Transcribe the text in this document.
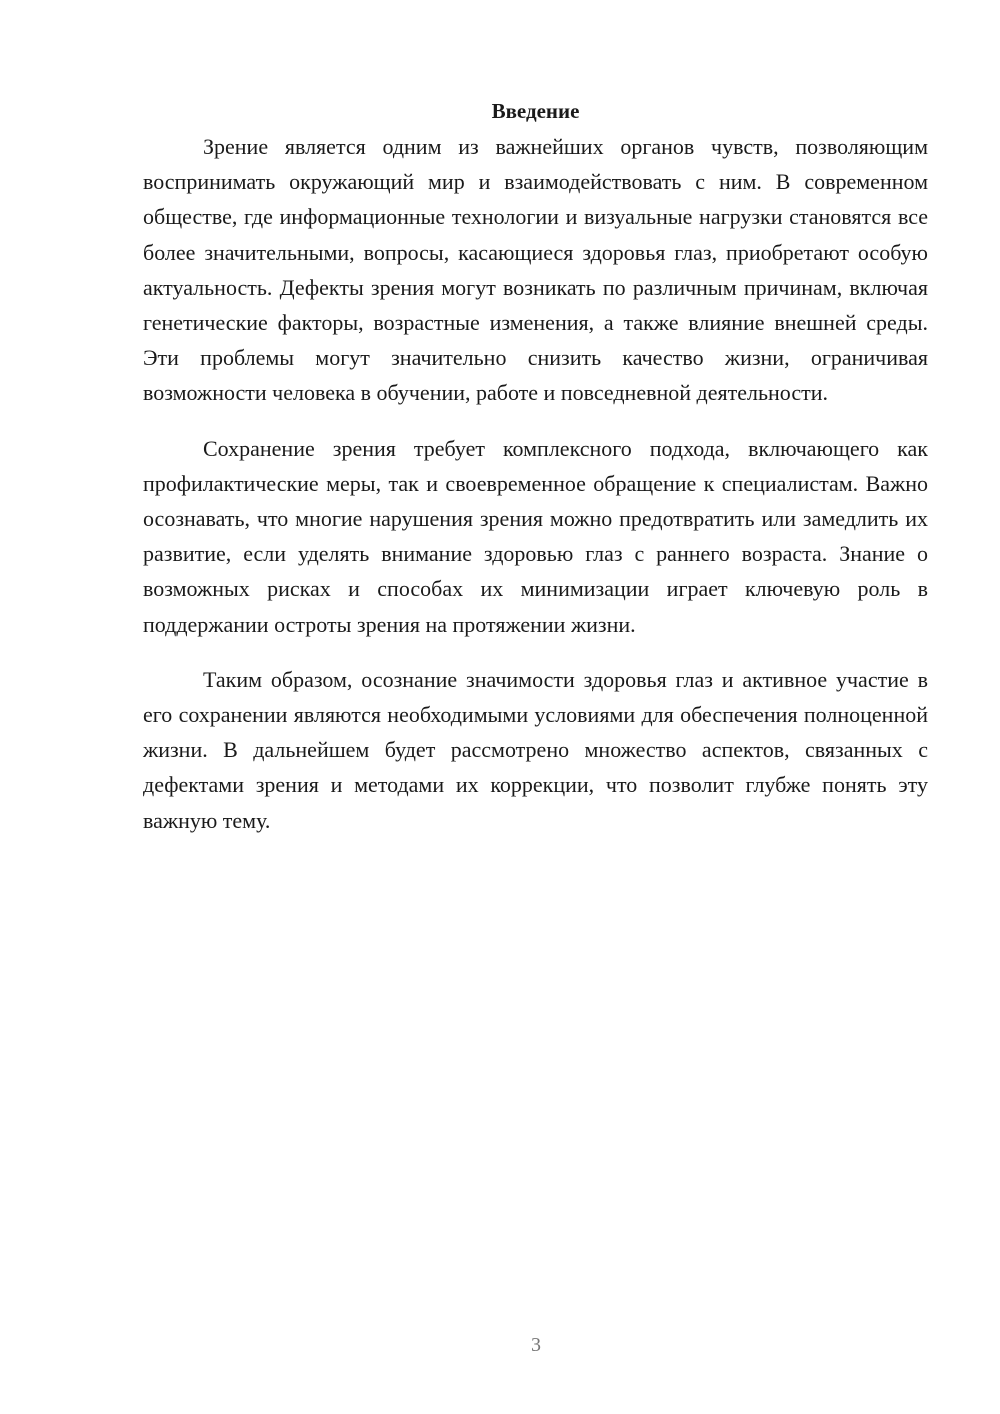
Введение

Зрение является одним из важнейших органов чувств, позволяющим воспринимать окружающий мир и взаимодействовать с ним. В современном обществе, где информационные технологии и визуальные нагрузки становятся все более значительными, вопросы, касающиеся здоровья глаз, приобретают особую актуальность. Дефекты зрения могут возникать по различным причинам, включая генетические факторы, возрастные изменения, а также влияние внешней среды. Эти проблемы могут значительно снизить качество жизни, ограничивая возможности человека в обучении, работе и повседневной деятельности.

Сохранение зрения требует комплексного подхода, включающего как профилактические меры, так и своевременное обращение к специалистам. Важно осознавать, что многие нарушения зрения можно предотвратить или замедлить их развитие, если уделять внимание здоровью глаз с раннего возраста. Знание о возможных рисках и способах их минимизации играет ключевую роль в поддержании остроты зрения на протяжении жизни.

Таким образом, осознание значимости здоровья глаз и активное участие в его сохранении являются необходимыми условиями для обеспечения полноценной жизни. В дальнейшем будет рассмотрено множество аспектов, связанных с дефектами зрения и методами их коррекции, что позволит глубже понять эту важную тему.

3
